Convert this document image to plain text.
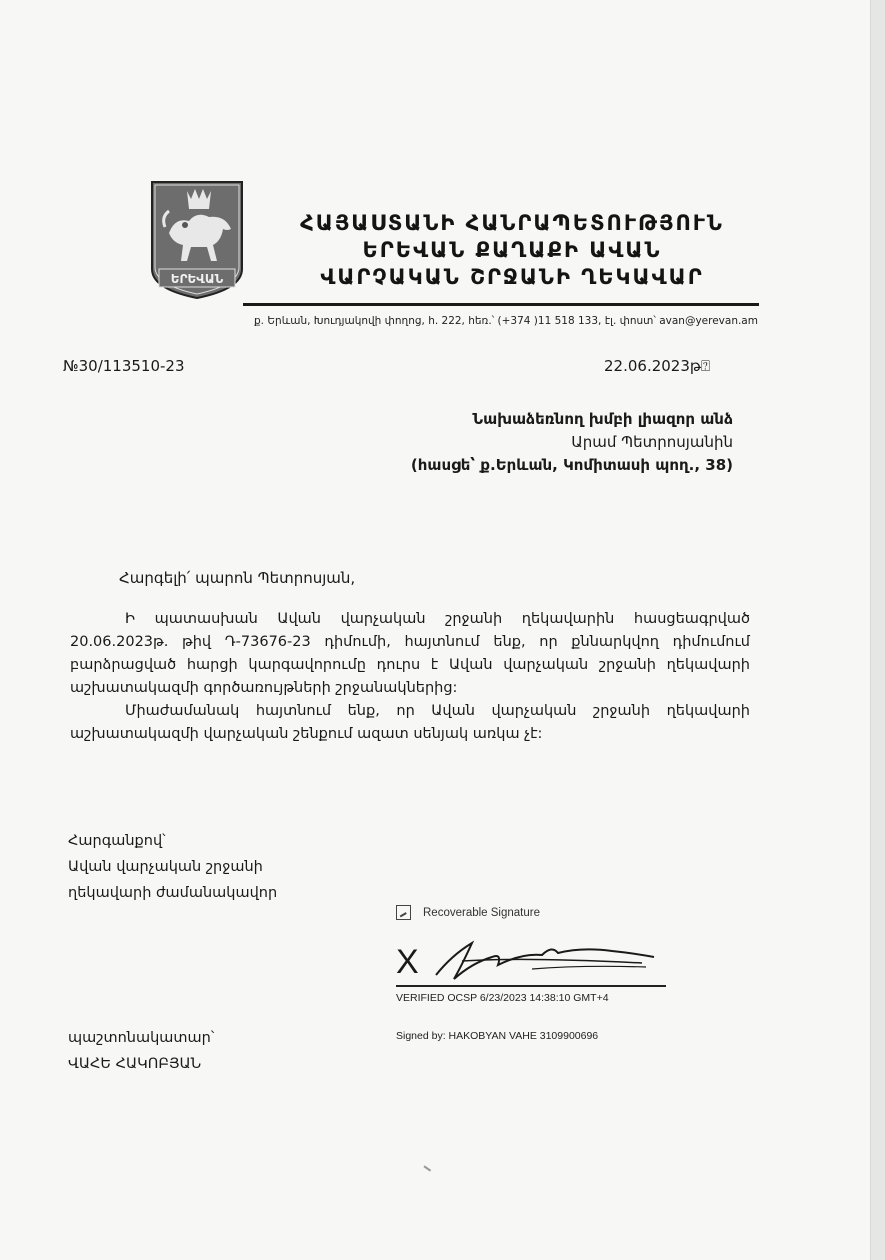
ԵՐԵՎԱՆ
ՀԱՅԱՍՏԱՆԻ ՀԱՆՐԱՊԵՏՈՒԹՅՈՒՆ
ԵՐԵՎԱՆ ՔԱՂԱՔԻ ԱՎԱՆ
ՎԱՐՉԱԿԱՆ ՇՐՋԱՆԻ ՂԵԿԱՎԱՐ
ք. Երևան, Խուդյակովի փողոց, հ. 222, հեռ.՝ (+374 )11 518 133, էլ. փոստ՝ avan@yerevan.am
№30/113510-23	22.06.2023թ⍰
Նախաձեռնող խմբի լիազոր անձ
Արամ Պետրոսյանին
(հասցե՝ ք.Երևան, Կոմիտասի պող., 38)
Հարգելի՛ պարոն Պետրոսյան,

Ի պատասխան Ավան վարչական շրջանի ղեկավարին հասցեագրված 20.06.2023թ. թիվ Դ-73676-23 դիմումի, հայտնում ենք, որ քննարկվող դիմումում բարձրացված հարցի կարգավորումը դուրս է Ավան վարչական շրջանի ղեկավարի աշխատակազմի գործառույթների շրջանակներից:

Միաժամանակ հայտնում ենք, որ Ավան վարչական շրջանի ղեկավարի աշխատակազմի վարչական շենքում ազատ սենյակ առկա չէ:

Հարգանքով՝
Ավան վարչական շրջանի
ղեկավարի ժամանակավոր
Recoverable Signature
X
VERIFIED OCSP 6/23/2023 14:38:10 GMT+4
Signed by: HAKOBYAN VAHE 3109900696
պաշտոնակատար՝
ՎԱՀԵ ՀԱԿՈԲՅԱՆ
